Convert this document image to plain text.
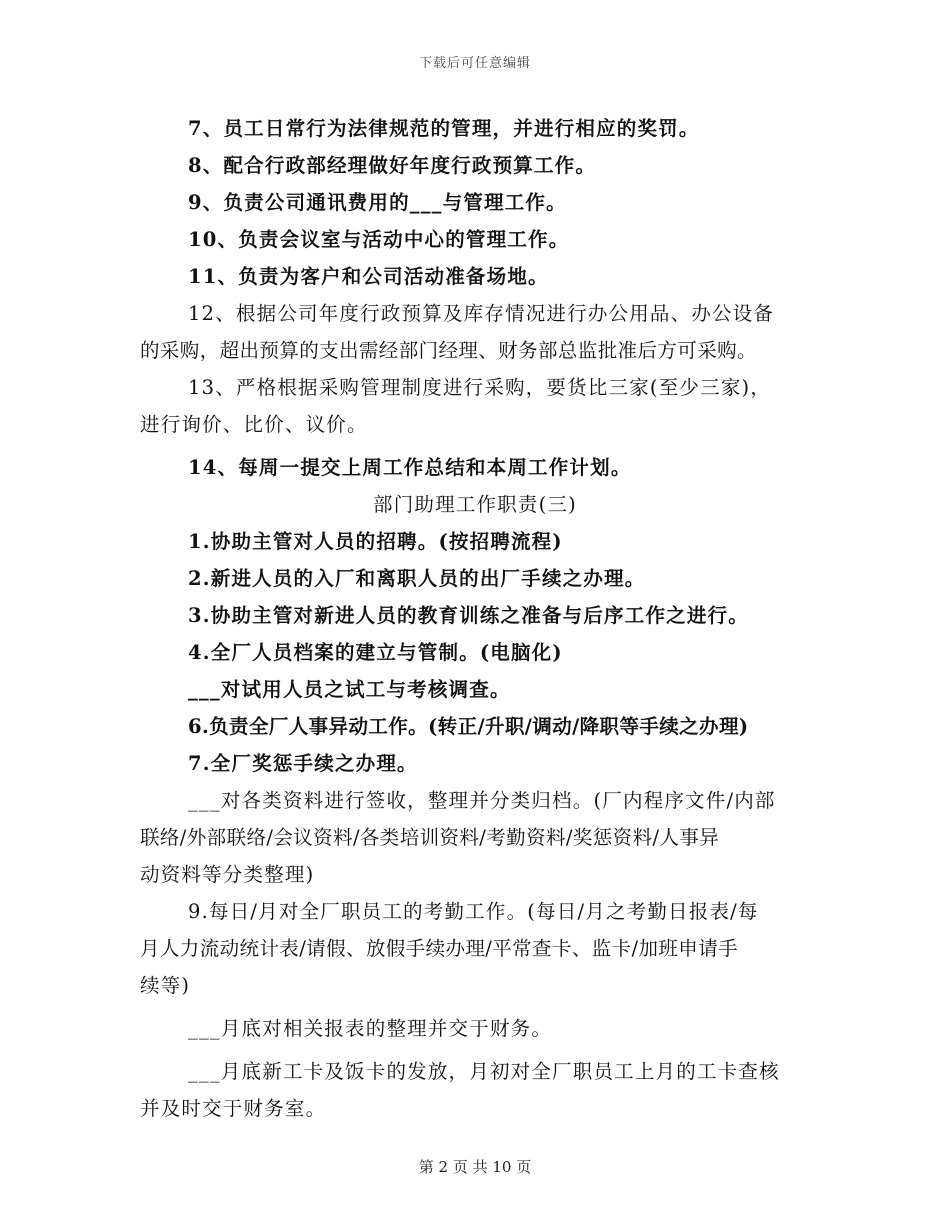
下载后可任意编辑

7、员工日常行为法律规范的管理，并进行相应的奖罚。

8、配合行政部经理做好年度行政预算工作。

9、负责公司通讯费用的___与管理工作。

10、负责会议室与活动中心的管理工作。

11、负责为客户和公司活动准备场地。

12、根据公司年度行政预算及库存情况进行办公用品、办公设备

的采购，超出预算的支出需经部门经理、财务部总监批准后方可采购。

13、严格根据采购管理制度进行采购，要货比三家(至少三家)，

进行询价、比价、议价。

14、每周一提交上周工作总结和本周工作计划。

部门助理工作职责(三)

1.协助主管对人员的招聘。(按招聘流程)

2.新进人员的入厂和离职人员的出厂手续之办理。

3.协助主管对新进人员的教育训练之准备与后序工作之进行。

4.全厂人员档案的建立与管制。(电脑化)

___对试用人员之试工与考核调查。

6.负责全厂人事异动工作。(转正/升职/调动/降职等手续之办理)

7.全厂奖惩手续之办理。

___对各类资料进行签收，整理并分类归档。(厂内程序文件/内部

联络/外部联络/会议资料/各类培训资料/考勤资料/奖惩资料/人事异

动资料等分类整理)

9.每日/月对全厂职员工的考勤工作。(每日/月之考勤日报表/每

月人力流动统计表/请假、放假手续办理/平常查卡、监卡/加班申请手

续等)

___月底对相关报表的整理并交于财务。

___月底新工卡及饭卡的发放，月初对全厂职员工上月的工卡查核

并及时交于财务室。

第 2 页 共 10 页
